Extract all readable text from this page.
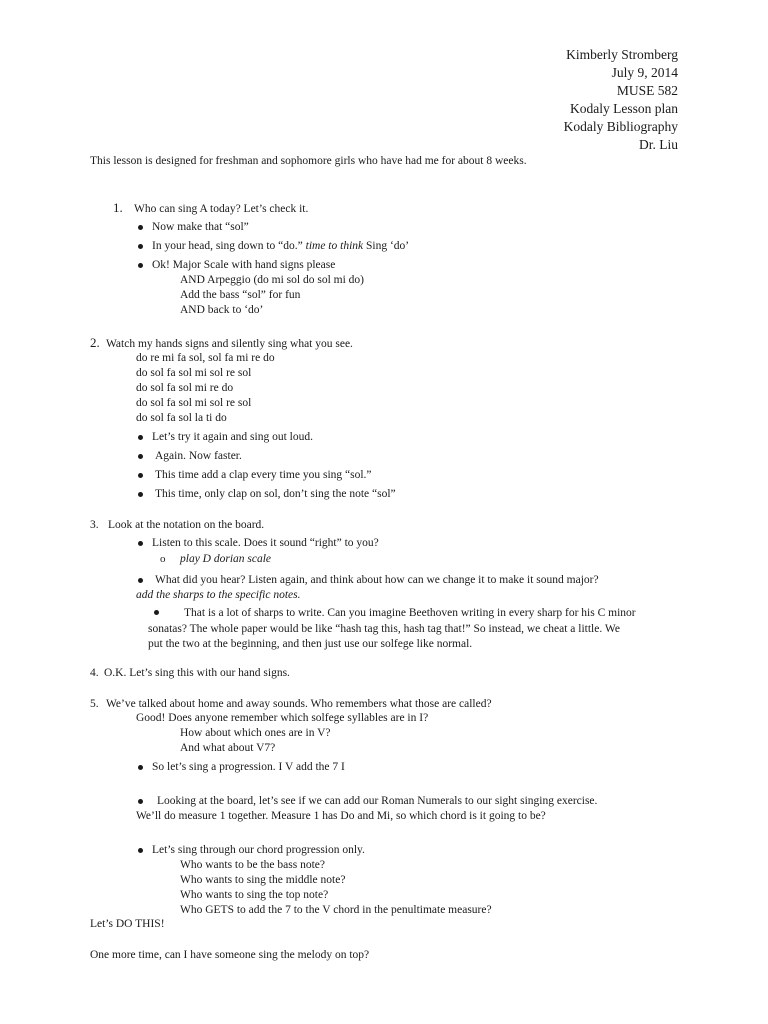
Kimberly Stromberg
July 9, 2014
MUSE 582
Kodaly Lesson plan
Kodaly Bibliography
Dr. Liu
This lesson is designed for freshman and sophomore girls who have had me for about 8 weeks.
1. Who can sing A today? Let’s check it.
Now make that “sol”
In your head, sing down to “do.” time to think Sing ‘do’
Ok! Major Scale with hand signs please
AND Arpeggio (do mi sol do sol mi do)
Add the bass “sol” for fun
AND back to ‘do’
2. Watch my hands signs and silently sing what you see.
do re mi fa sol, sol fa mi re do
do sol fa sol mi sol re sol
do sol fa sol mi re do
do sol fa sol mi sol re sol
do sol fa sol la ti do
Let’s try it again and sing out loud.
Again. Now faster.
This time add a clap every time you sing “sol.”
This time, only clap on sol, don’t sing the note “sol”
3. Look at the notation on the board.
Listen to this scale. Does it sound “right” to you?
o play D dorian scale
What did you hear? Listen again, and think about how can we change it to make it sound major?
add the sharps to the specific notes.
That is a lot of sharps to write. Can you imagine Beethoven writing in every sharp for his C minor
sonatas? The whole paper would be like “hash tag this, hash tag that!” So instead, we cheat a little. We
put the two at the beginning, and then just use our solfege like normal.
4. O.K. Let’s sing this with our hand signs.
5. We’ve talked about home and away sounds. Who remembers what those are called?
Good! Does anyone remember which solfege syllables are in I?
How about which ones are in V?
And what about V7?
So let’s sing a progression. I V add the 7 I
Looking at the board, let’s see if we can add our Roman Numerals to our sight singing exercise.
We’ll do measure 1 together. Measure 1 has Do and Mi, so which chord is it going to be?
Let’s sing through our chord progression only.
Who wants to be the bass note?
Who wants to sing the middle note?
Who wants to sing the top note?
Who GETS to add the 7 to the V chord in the penultimate measure?
Let’s DO THIS!
One more time, can I have someone sing the melody on top?
